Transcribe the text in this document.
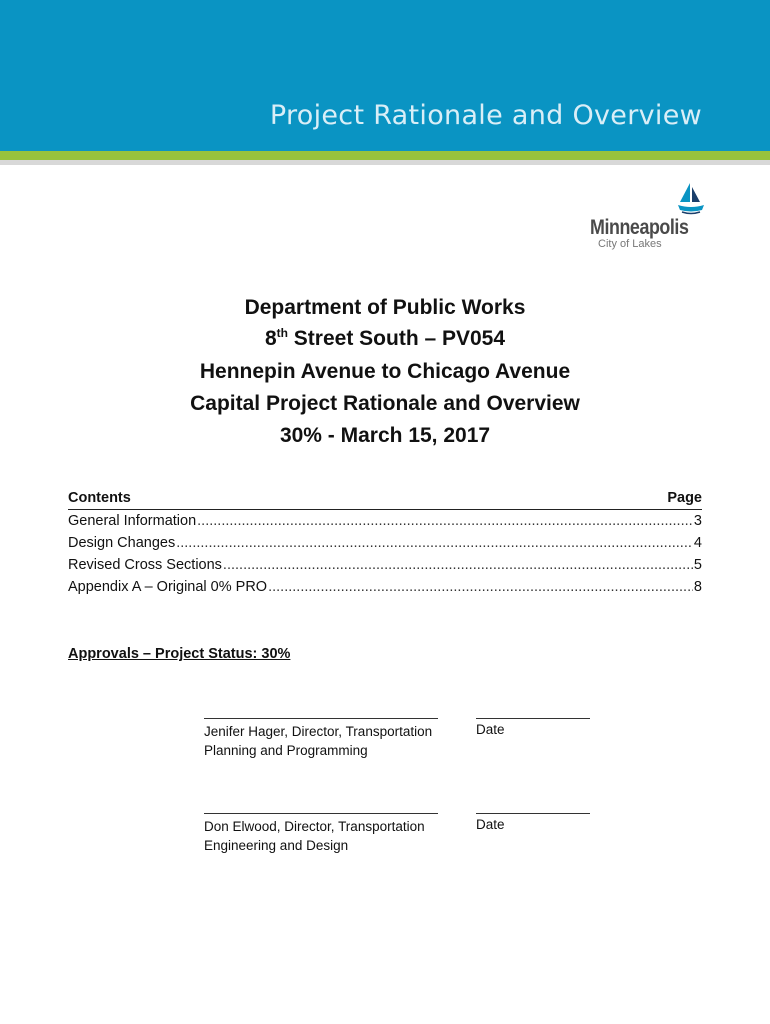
Project Rationale and Overview
Minneapolis
City of Lakes
Department of Public Works
8th Street South – PV054
Hennepin Avenue to Chicago Avenue
Capital Project Rationale and Overview
30% - March 15, 2017
Contents	Page
General Information .....	3
Design Changes .....	4
Revised Cross Sections .....	5
Appendix A – Original 0% PRO .....	8
Approvals – Project Status: 30%
Jenifer Hager, Director, Transportation Planning and Programming
Date
Don Elwood, Director, Transportation Engineering and Design
Date
